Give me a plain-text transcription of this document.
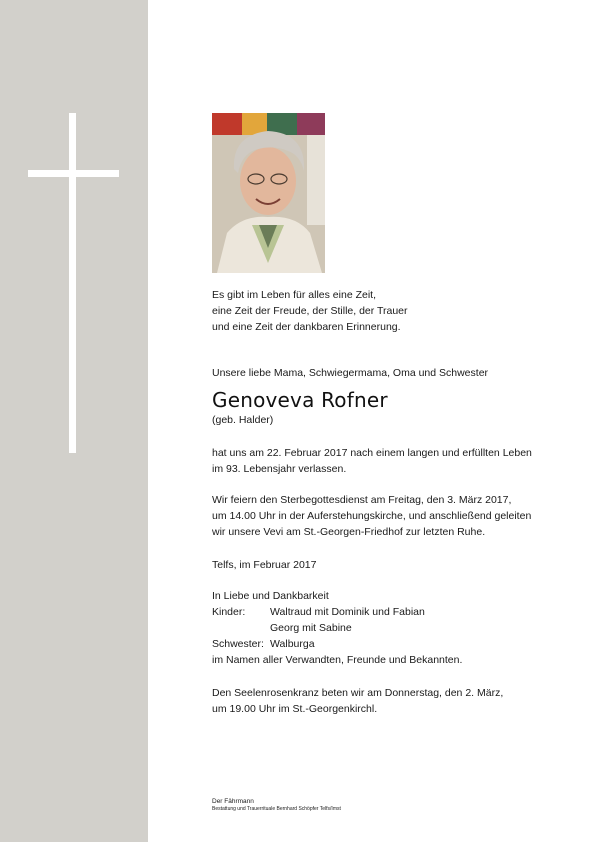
Es gibt im Leben für alles eine Zeit,

eine Zeit der Freude, der Stille, der Trauer

und eine Zeit der dankbaren Erinnerung.

Unsere liebe Mama, Schwiegermama, Oma und Schwester

Genoveva Rofner

(geb. Halder)

hat uns am 22. Februar 2017 nach einem langen und erfüllten Leben

im 93. Lebensjahr verlassen.

Wir feiern den Sterbegottesdienst am Freitag, den 3. März 2017,

um 14.00 Uhr in der Auferstehungskirche, und anschließend geleiten

wir unsere Vevi am St.-Georgen-Friedhof zur letzten Ruhe.

Telfs, im Februar 2017

In Liebe und Dankbarkeit

Kinder:	Waltraud mit Dominik und Fabian
Georg mit Sabine
Schwester: Walburga

im Namen aller Verwandten, Freunde und Bekannten.

Den Seelenrosenkranz beten wir am Donnerstag, den 2. März,

um 19.00 Uhr im St.-Georgenkirchl.

Der Fährmann
Bestattung und Trauerrituale Bernhard Schöpfer Telfs/Imst
